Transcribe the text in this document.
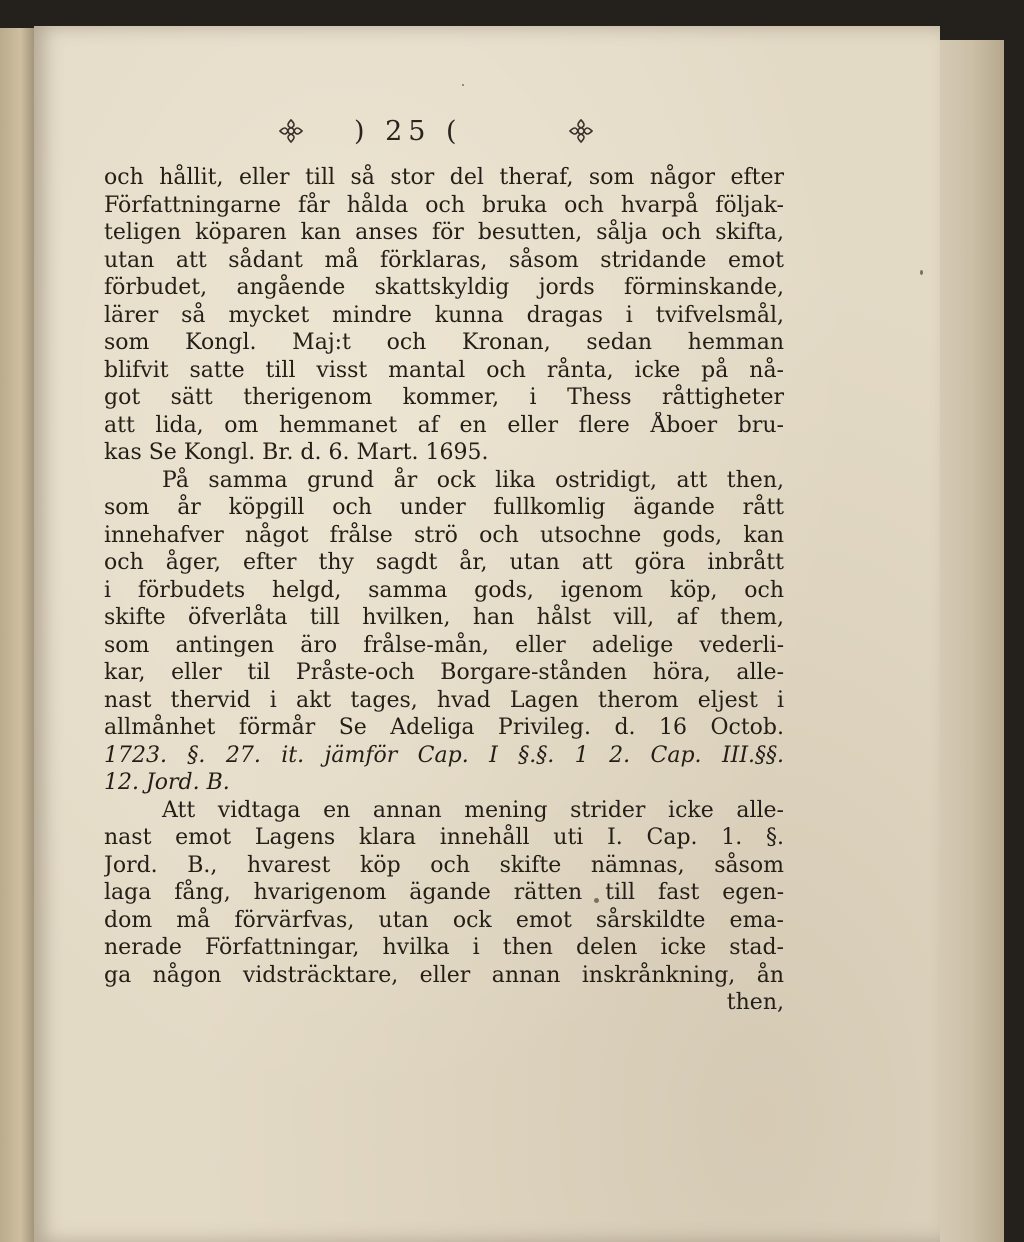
) 25 (
och hållit, eller till så stor del theraf, som någor efter
Författningarne får hålda och bruka och hvarpå följak-
teligen köparen kan anses för besutten, sålja och skifta,
utan att sådant må förklaras, såsom stridande emot
förbudet, angående skattskyldig jords förminskande,
lärer så mycket mindre kunna dragas i tvifvelsmål,
som Kongl. Maj:t och Kronan, sedan hemman
blifvit satte till visst mantal och rånta, icke på nå-
got sätt therigenom kommer, i Thess råttigheter
att lida, om hemmanet af en eller flere Åboer bru-
kas Se Kongl. Br. d. 6. Mart. 1695.
På samma grund år ock lika ostridigt, att then,
som år köpgill och under fullkomlig ägande rått
innehafver något frålse strö och utsochne gods, kan
och åger, efter thy sagdt år, utan att göra inbrått
i förbudets helgd, samma gods, igenom köp, och
skifte öfverlåta till hvilken, han hålst vill, af them,
som antingen äro frålse-mån, eller adelige vederli-
kar, eller til Pråste-och Borgare-stånden höra, alle-
nast thervid i akt tages, hvad Lagen therom eljest i
allmånhet förmår Se Adeliga Privileg. d. 16 Octob.
1723. §. 27. it. jämför Cap. I §.§. 1 2. Cap. III.§§.
12. Jord. B.
Att vidtaga en annan mening strider icke alle-
nast emot Lagens klara innehåll uti I. Cap. 1. §.
Jord. B., hvarest köp och skifte nämnas, såsom
laga fång, hvarigenom ägande rätten till fast egen-
dom må förvärfvas, utan ock emot sårskildte ema-
nerade Författningar, hvilka i then delen icke stad-
ga någon vidsträcktare, eller annan inskrånkning, ån
then,
